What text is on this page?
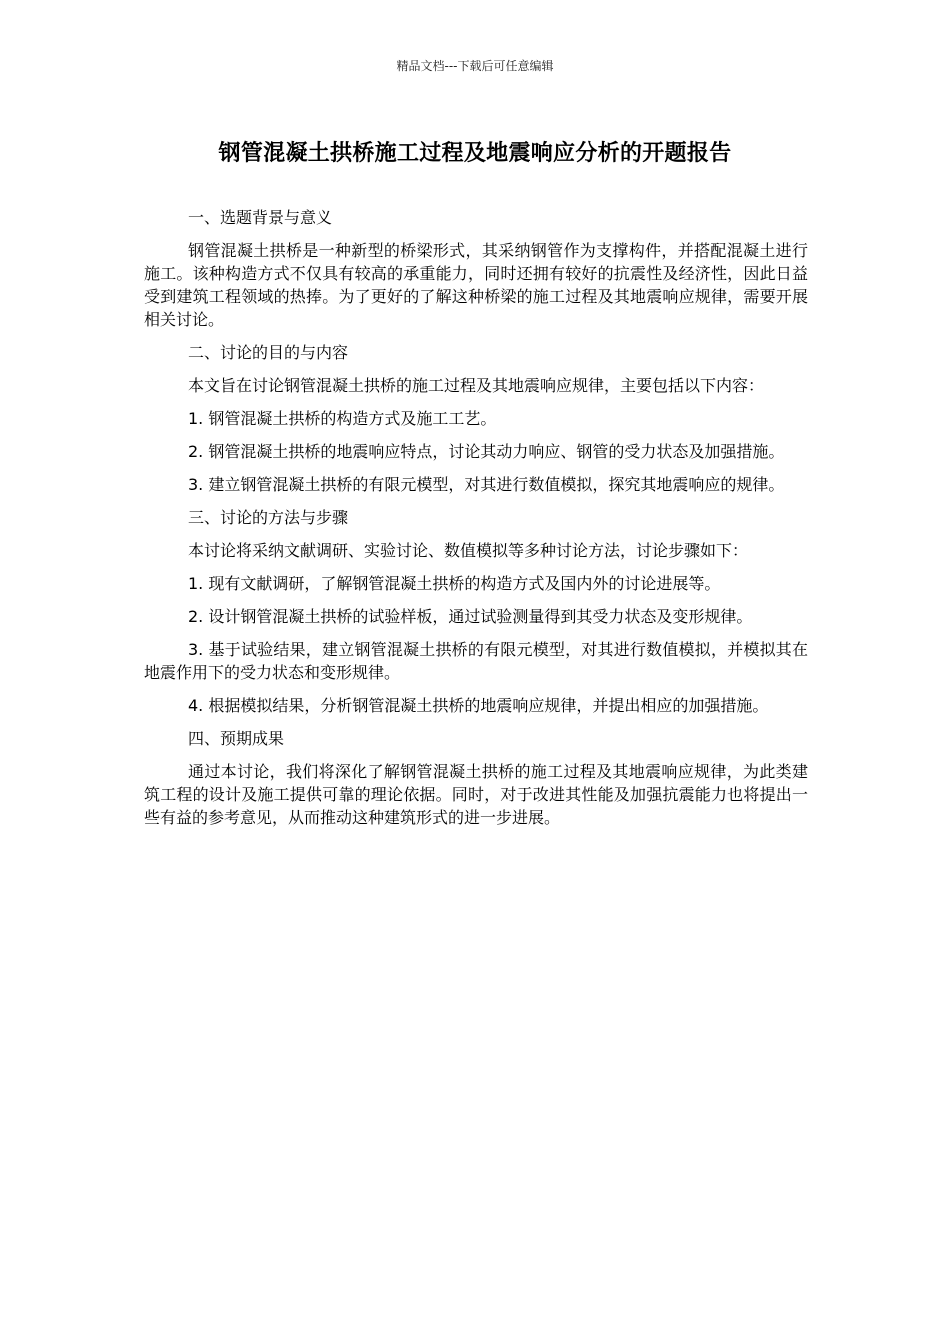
精品文档---下载后可任意编辑
钢管混凝土拱桥施工过程及地震响应分析的开题报告

一、选题背景与意义

钢管混凝土拱桥是一种新型的桥梁形式，其采纳钢管作为支撑构件，并搭配混凝土进行施工。该种构造方式不仅具有较高的承重能力，同时还拥有较好的抗震性及经济性，因此日益受到建筑工程领域的热捧。为了更好的了解这种桥梁的施工过程及其地震响应规律，需要开展相关讨论。

二、讨论的目的与内容

本文旨在讨论钢管混凝土拱桥的施工过程及其地震响应规律，主要包括以下内容：

1. 钢管混凝土拱桥的构造方式及施工工艺。

2. 钢管混凝土拱桥的地震响应特点，讨论其动力响应、钢管的受力状态及加强措施。

3. 建立钢管混凝土拱桥的有限元模型，对其进行数值模拟，探究其地震响应的规律。

三、讨论的方法与步骤

本讨论将采纳文献调研、实验讨论、数值模拟等多种讨论方法，讨论步骤如下：

1. 现有文献调研，了解钢管混凝土拱桥的构造方式及国内外的讨论进展等。

2. 设计钢管混凝土拱桥的试验样板，通过试验测量得到其受力状态及变形规律。

3. 基于试验结果，建立钢管混凝土拱桥的有限元模型，对其进行数值模拟，并模拟其在地震作用下的受力状态和变形规律。

4. 根据模拟结果，分析钢管混凝土拱桥的地震响应规律，并提出相应的加强措施。

四、预期成果

通过本讨论，我们将深化了解钢管混凝土拱桥的施工过程及其地震响应规律，为此类建筑工程的设计及施工提供可靠的理论依据。同时，对于改进其性能及加强抗震能力也将提出一些有益的参考意见，从而推动这种建筑形式的进一步进展。
